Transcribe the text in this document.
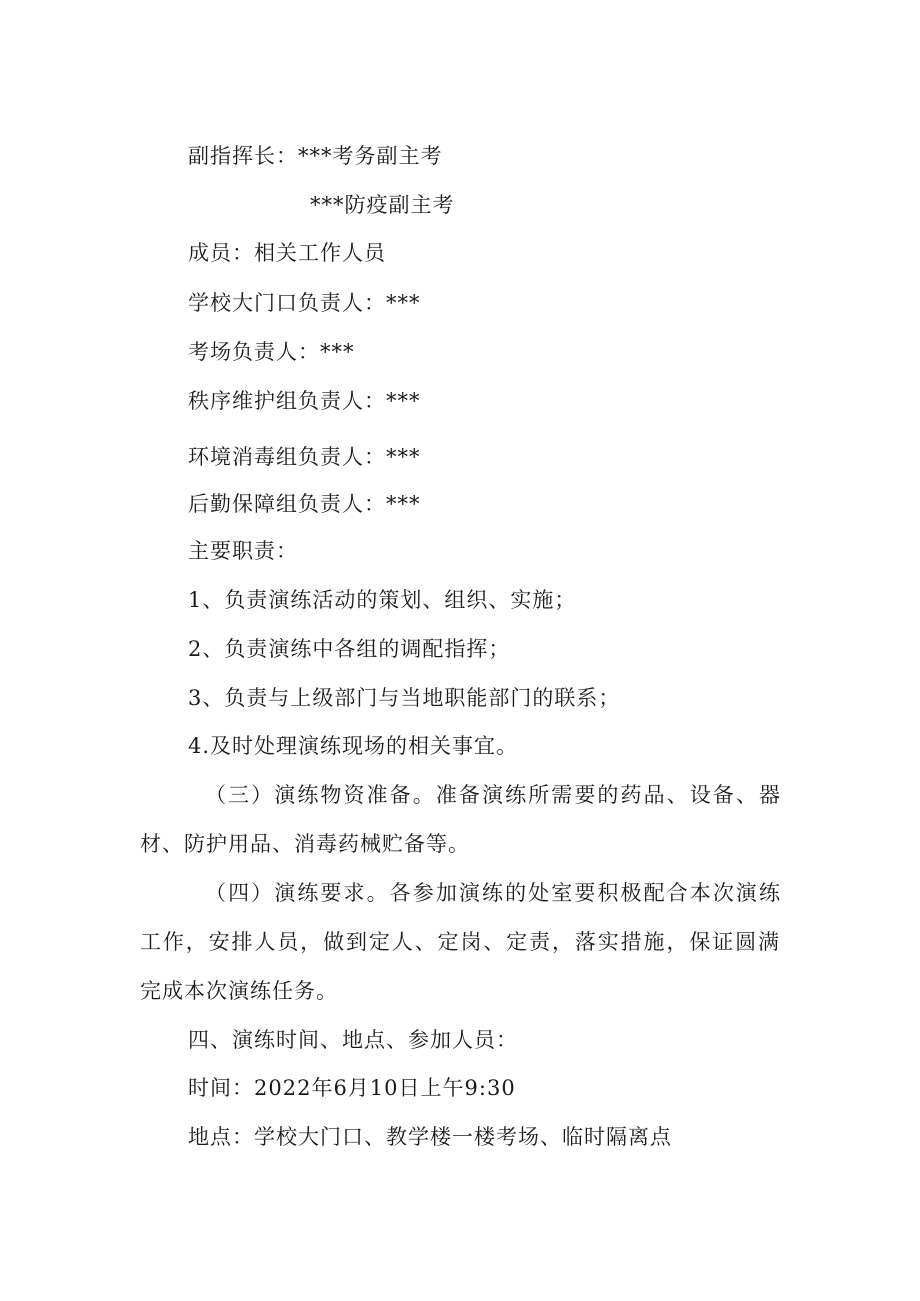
副指挥长：***考务副主考
***防疫副主考
成员：相关工作人员
学校大门口负责人：***
考场负责人：***
秩序维护组负责人：***
环境消毒组负责人：***
后勤保障组负责人：***
主要职责：
1、负责演练活动的策划、组织、实施；
2、负责演练中各组的调配指挥；
3、负责与上级部门与当地职能部门的联系；
4.及时处理演练现场的相关事宜。
（三）演练物资准备。准备演练所需要的药品、设备、器
材、防护用品、消毒药械贮备等。
（四）演练要求。各参加演练的处室要积极配合本次演练
工作，安排人员，做到定人、定岗、定责，落实措施，保证圆满
完成本次演练任务。
四、演练时间、地点、参加人员：
时间：2022年6月10日上午9:30
地点：学校大门口、教学楼一楼考场、临时隔离点
